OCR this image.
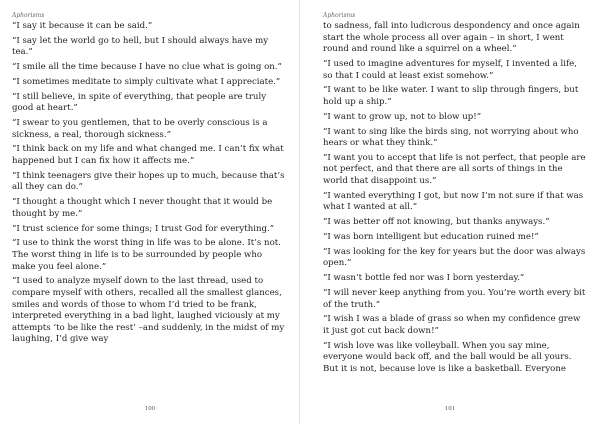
Aphorisms

“I say it because it can be said.”

“I say let the world go to hell, but I should always have my tea.”

“I smile all the time because I have no clue what is going on.”

“I sometimes meditate to simply cultivate what I appreciate.”

“I still believe, in spite of everything, that people are truly good at heart.”

“I swear to you gentlemen, that to be overly conscious is a sickness, a real, thorough sickness.”

“I think back on my life and what changed me. I can’t fix what happened but I can fix how it affects me.”

“I think teenagers give their hopes up to much, because that’s all they can do.”

“I thought a thought which I never thought that it would be thought by me.”

“I trust science for some things; I trust God for everything.”

“I use to think the worst thing in life was to be alone. It’s not. The worst thing in life is to be surrounded by people who make you feel alone.”

“I used to analyze myself down to the last thread, used to compare myself with others, recalled all the smallest glances, smiles and words of those to whom I’d tried to be frank, interpreted everything in a bad light, laughed viciously at my attempts ‘to be like the rest’ –and suddenly, in the midst of my laughing, I’d give way

100
Aphorisms

to sadness, fall into ludicrous despondency and once again start the whole process all over again – in short, I went round and round like a squirrel on a wheel.”

“I used to imagine adventures for myself, I invented a life, so that I could at least exist somehow.”

“I want to be like water. I want to slip through fingers, but hold up a ship.”

“I want to grow up, not to blow up!”

“I want to sing like the birds sing, not worrying about who hears or what they think.”

“I want you to accept that life is not perfect, that people are not perfect, and that there are all sorts of things in the world that disappoint us.”

“I wanted everything I got, but now I’m not sure if that was what I wanted at all.”

“I was better off not knowing, but thanks anyways.”

“I was born intelligent but education ruined me!”

“I was looking for the key for years but the door was always open.”

“I wasn’t bottle fed nor was I born yesterday.”

“I will never keep anything from you. You’re worth every bit of the truth.”

“I wish I was a blade of grass so when my confidence grew it just got cut back down!”

“I wish love was like volleyball. When you say mine, everyone would back off, and the ball would be all yours. But it is not, because love is like a basketball. Everyone

101
